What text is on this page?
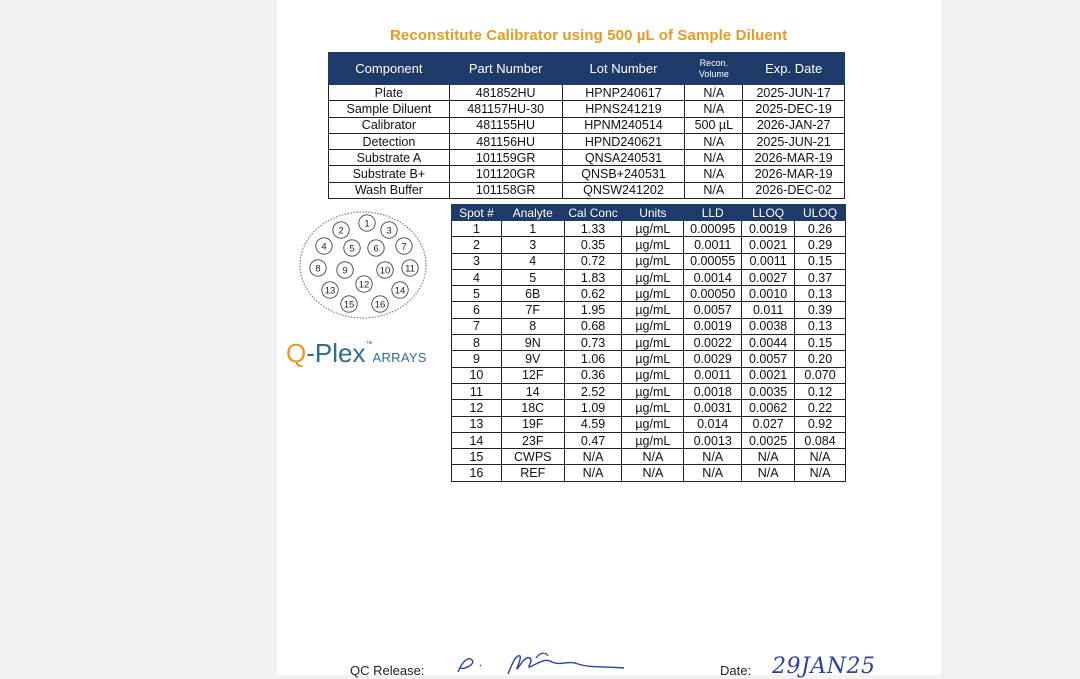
Reconstitute Calibrator using 500 µL of Sample Diluent
Component	Part Number	Lot Number	Recon. Volume	Exp. Date
Plate	481852HU	HPNP240617	N/A	2025-JUN-17
Sample Diluent	481157HU-30	HPNS241219	N/A	2025-DEC-19
Calibrator	481155HU	HPNM240514	500 µL	2026-JAN-27
Detection	481156HU	HPND240621	N/A	2025-JUN-21
Substrate A	101159GR	QNSA240531	N/A	2026-MAR-19
Substrate B+	101120GR	QNSB+240531	N/A	2026-MAR-19
Wash Buffer	101158GR	QNSW241202	N/A	2026-DEC-02
1
2	3
4 5 6 7
8 9	10 11
12
13	14
15 16
Q-Plex™ARRAYS
Spot #	Analyte	Cal Conc	Units	LLD	LLOQ	ULOQ
1	1	1.33	µg/mL	0.00095	0.0019	0.26
2	3	0.35	µg/mL	0.0011	0.0021	0.29
3	4	0.72	µg/mL	0.00055	0.0011	0.15
4	5	1.83	µg/mL	0.0014	0.0027	0.37
5	6B	0.62	µg/mL	0.00050	0.0010	0.13
6	7F	1.95	µg/mL	0.0057	0.011	0.39
7	8	0.68	µg/mL	0.0019	0.0038	0.13
8	9N	0.73	µg/mL	0.0022	0.0044	0.15
9	9V	1.06	µg/mL	0.0029	0.0057	0.20
10	12F	0.36	µg/mL	0.0011	0.0021	0.070
11	14	2.52	µg/mL	0.0018	0.0035	0.12
12	18C	1.09	µg/mL	0.0031	0.0062	0.22
13	19F	4.59	µg/mL	0.014	0.027	0.92
14	23F	0.47	µg/mL	0.0013	0.0025	0.084
15	CWPS	N/A	N/A	N/A	N/A	N/A
16	REF	N/A	N/A	N/A	N/A	N/A
QC Release:	Date: 29JAN25
